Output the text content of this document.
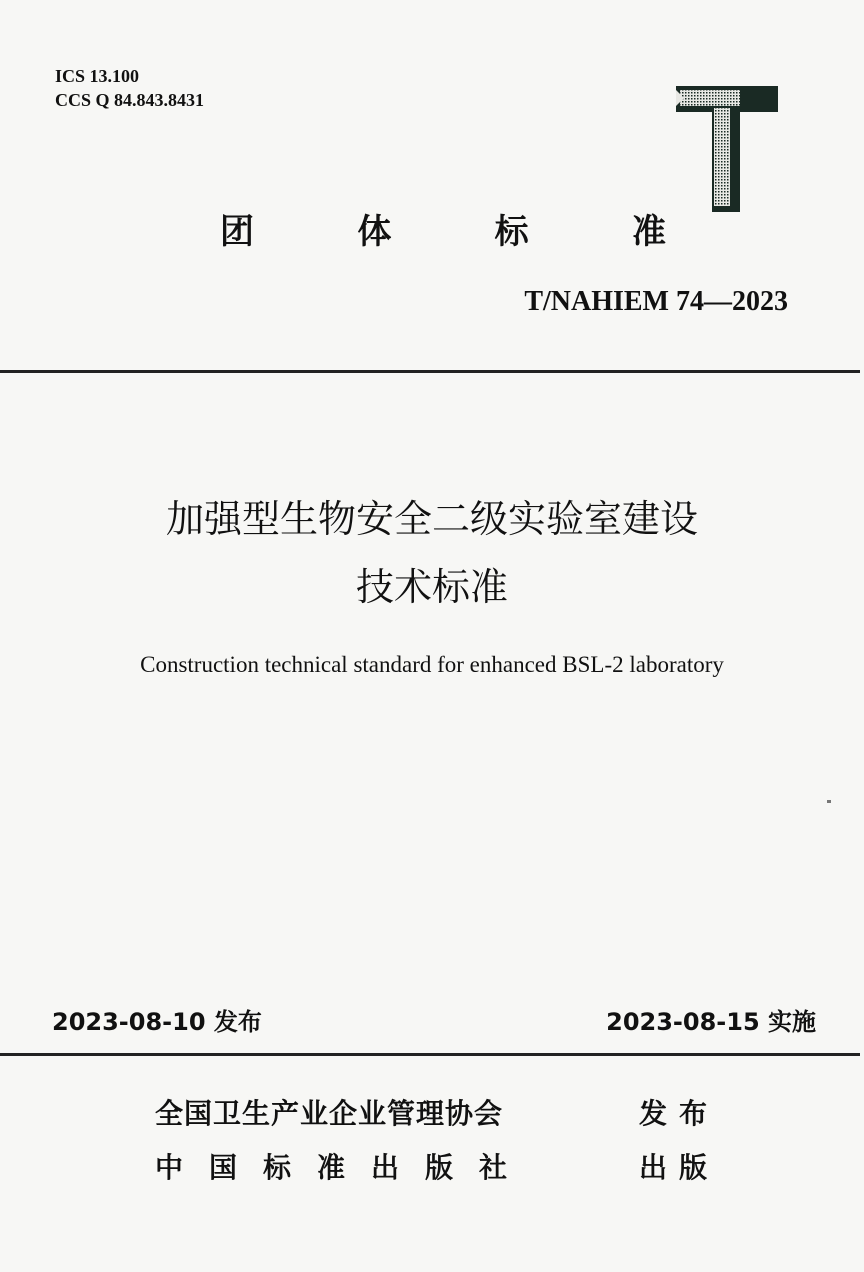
ICS 13.100
CCS Q 84.843.8431
团	体	标	准
T/NAHIEM 74—2023
加强型生物安全二级实验室建设
技术标准
Construction technical standard for enhanced BSL-2 laboratory
2023-08-10 发布	2023-08-15 实施
全国卫生产业企业管理协会	发布
中国标准出版社	出版
